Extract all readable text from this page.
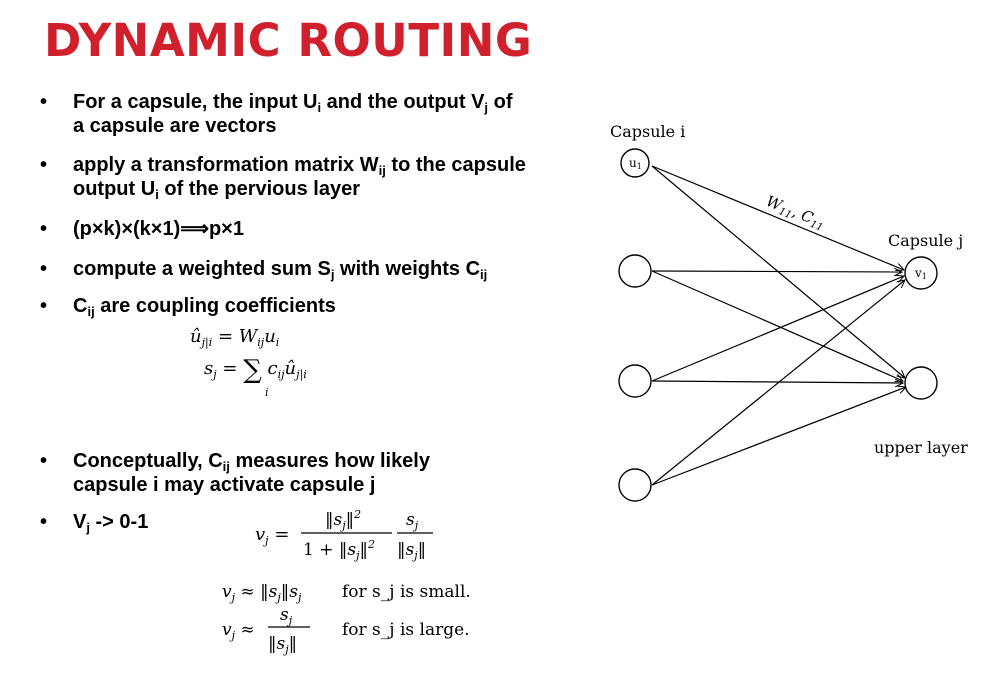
DYNAMIC ROUTING
•	For a capsule, the input $U_i$ and the output $V_j$ of
a capsule are vectors
•	apply a transformation matrix $W_{ij}$ to the capsule
output $U_i$ of the pervious layer
•	(p×k)×(k×1)⟹p×1
•	compute a weighted sum $S_j$ with weights $C_{ij}$
•	$C_{ij}$ are coupling coefficients
•	Conceptually, $C_{ij}$ measures how likely
capsule i may activate capsule j
•	$V_j -> 0-1$
$û_{j|i} = W_{ij}u_i$
$s_j$ = ∑ $c_{ij}û_{j|i}$
i
$v_j$ =
$‖s_j‖^2$
$1 + ‖s_j‖^2$
$s_j$
$‖s_j‖$
$v_j$ ≈ $‖s_j‖s_j$ for s_j is small.
$v_j$ ≈
$s_j$
$‖s_j‖$
for s_j is large.
Capsule i
Capsule j
upper layer
u1
v1
$W_{11}$, $C_{11}$
